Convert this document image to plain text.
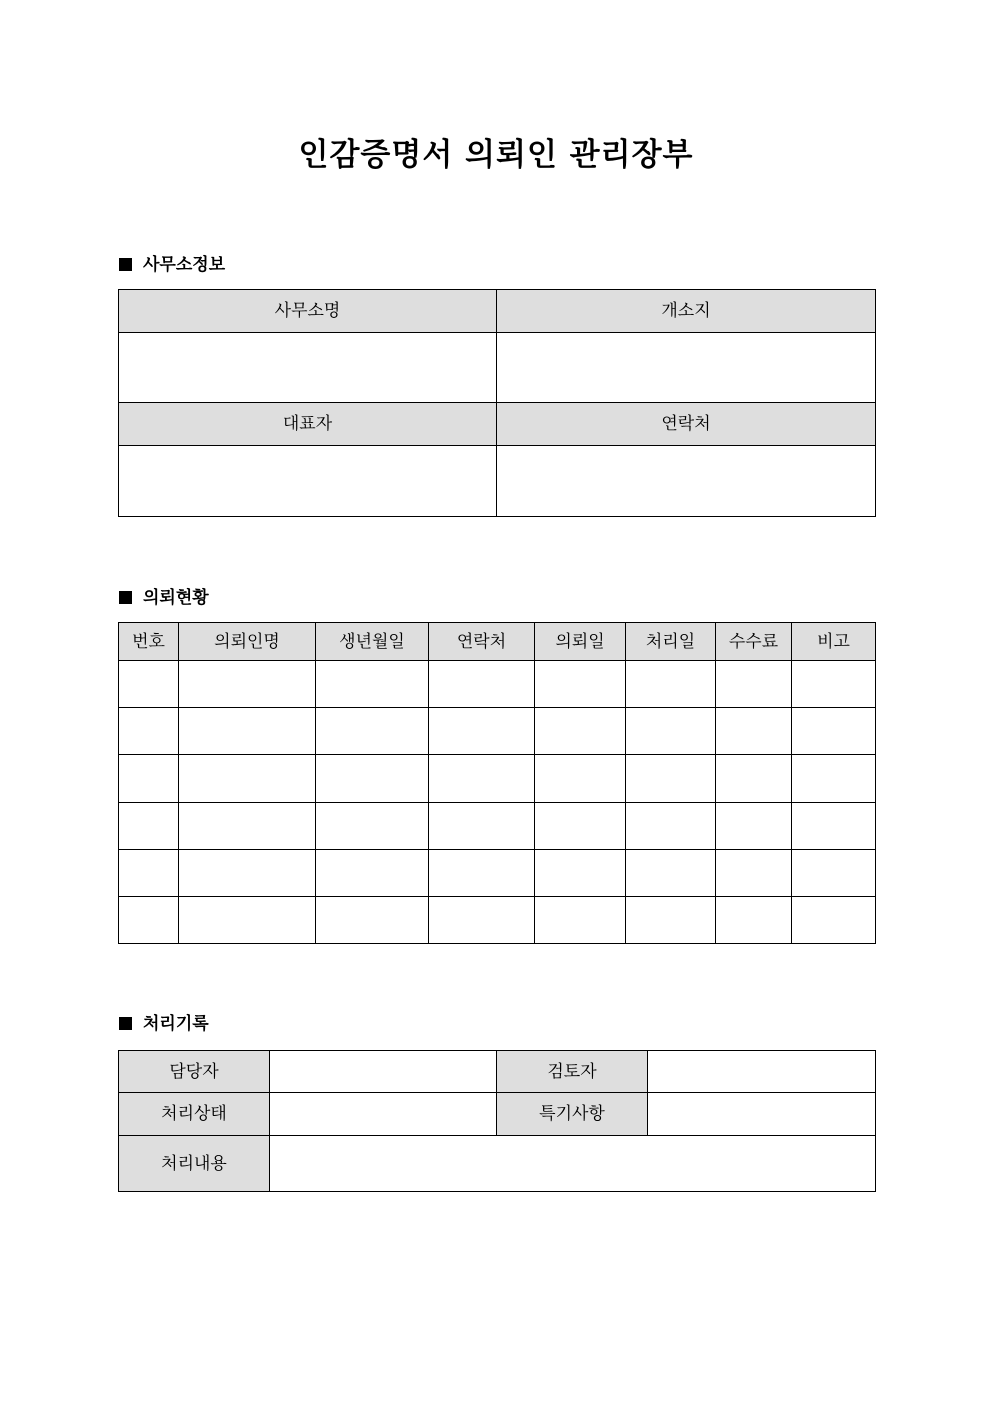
인감증명서 의뢰인 관리장부
사무소정보
사무소명	개소지

대표자	연락처

의뢰현황
번호	의뢰인명	생년월일	연락처	의뢰일	처리일	수수료	비고

처리기록
담당자		검토자	
처리상태		특기사항	
처리내용			
